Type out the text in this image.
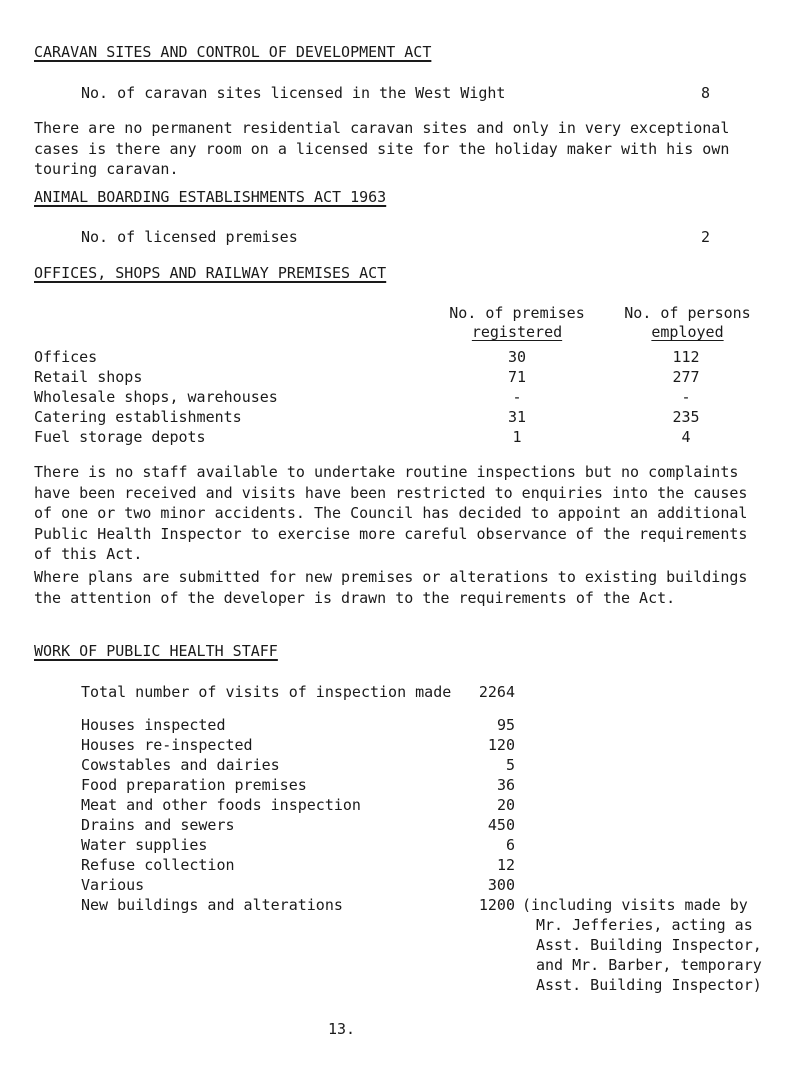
CARAVAN SITES AND CONTROL OF DEVELOPMENT ACT
No. of caravan sites licensed in the West Wight	8
There are no permanent residential caravan sites and only in very exceptional cases is there any room on a licensed site for the holiday maker with his own touring caravan.
ANIMAL BOARDING ESTABLISHMENTS ACT 1963
No. of licensed premises	2
OFFICES, SHOPS AND RAILWAY PREMISES ACT
No. of premises
registered
No. of persons
employed
Offices	30	112
Retail shops	71	277
Wholesale shops, warehouses	-	-
Catering establishments	31	235
Fuel storage depots	1	4
There is no staff available to undertake routine inspections but no complaints have been received and visits have been restricted to enquiries into the causes of one or two minor accidents. The Council has decided to appoint an additional Public Health Inspector to exercise more careful observance of the requirements of this Act.
Where plans are submitted for new premises or alterations to existing buildings the attention of the developer is drawn to the requirements of the Act.
WORK OF PUBLIC HEALTH STAFF
Total number of visits of inspection made	2264
Houses inspected	95
Houses re-inspected	120
Cowstables and dairies	5
Food preparation premises	36
Meat and other foods inspection	20
Drains and sewers	450
Water supplies	6
Refuse collection	12
Various	300
New buildings and alterations	1200 (including visits made by
Mr. Jefferies, acting as
Asst. Building Inspector,
and Mr. Barber, temporary
Asst. Building Inspector)
13.
